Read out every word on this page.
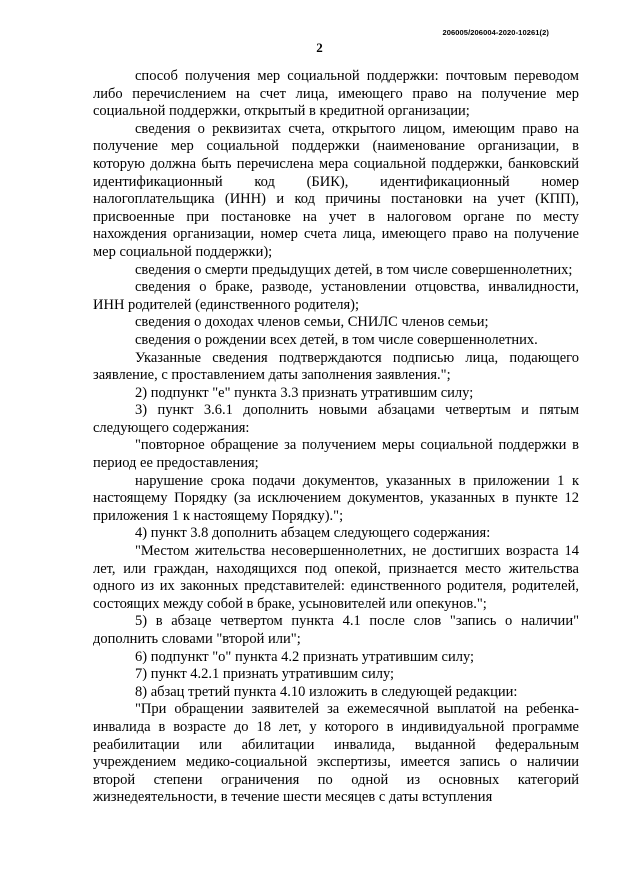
206005/206004-2020-10261(2)
2

способ получения мер социальной поддержки: почтовым переводом либо перечислением на счет лица, имеющего право на получение мер социальной поддержки, открытый в кредитной организации;

сведения о реквизитах счета, открытого лицом, имеющим право на получение мер социальной поддержки (наименование организации, в которую должна быть перечислена мера социальной поддержки, банковский идентификационный код (БИК), идентификационный номер налогоплательщика (ИНН) и код причины постановки на учет (КПП), присвоенные при постановке на учет в налоговом органе по месту нахождения организации, номер счета лица, имеющего право на получение мер социальной поддержки);

сведения о смерти предыдущих детей, в том числе совершеннолетних;

сведения о браке, разводе, установлении отцовства, инвалидности, ИНН родителей (единственного родителя);

сведения о доходах членов семьи, СНИЛС членов семьи;

сведения о рождении всех детей, в том числе совершеннолетних.

Указанные сведения подтверждаются подписью лица, подающего заявление, с проставлением даты заполнения заявления.";

2) подпункт "е" пункта 3.3 признать утратившим силу;

3) пункт 3.6.1 дополнить новыми абзацами четвертым и пятым следующего содержания:

"повторное обращение за получением меры социальной поддержки в период ее предоставления;

нарушение срока подачи документов, указанных в приложении 1 к настоящему Порядку (за исключением документов, указанных в пункте 12 приложения 1 к настоящему Порядку).";

4) пункт 3.8 дополнить абзацем следующего содержания:

"Местом жительства несовершеннолетних, не достигших возраста 14 лет, или граждан, находящихся под опекой, признается место жительства одного из их законных представителей: единственного родителя, родителей, состоящих между собой в браке, усыновителей или опекунов.";

5) в абзаце четвертом пункта 4.1 после слов "запись о наличии" дополнить словами "второй или";

6) подпункт "о" пункта 4.2 признать утратившим силу;

7) пункт 4.2.1 признать утратившим силу;

8) абзац третий пункта 4.10 изложить в следующей редакции:

"При обращении заявителей за ежемесячной выплатой на ребенка-инвалида в возрасте до 18 лет, у которого в индивидуальной программе реабилитации или абилитации инвалида, выданной федеральным учреждением медико-социальной экспертизы, имеется запись о наличии второй степени ограничения по одной из основных категорий жизнедеятельности, в течение шести месяцев с даты вступления
